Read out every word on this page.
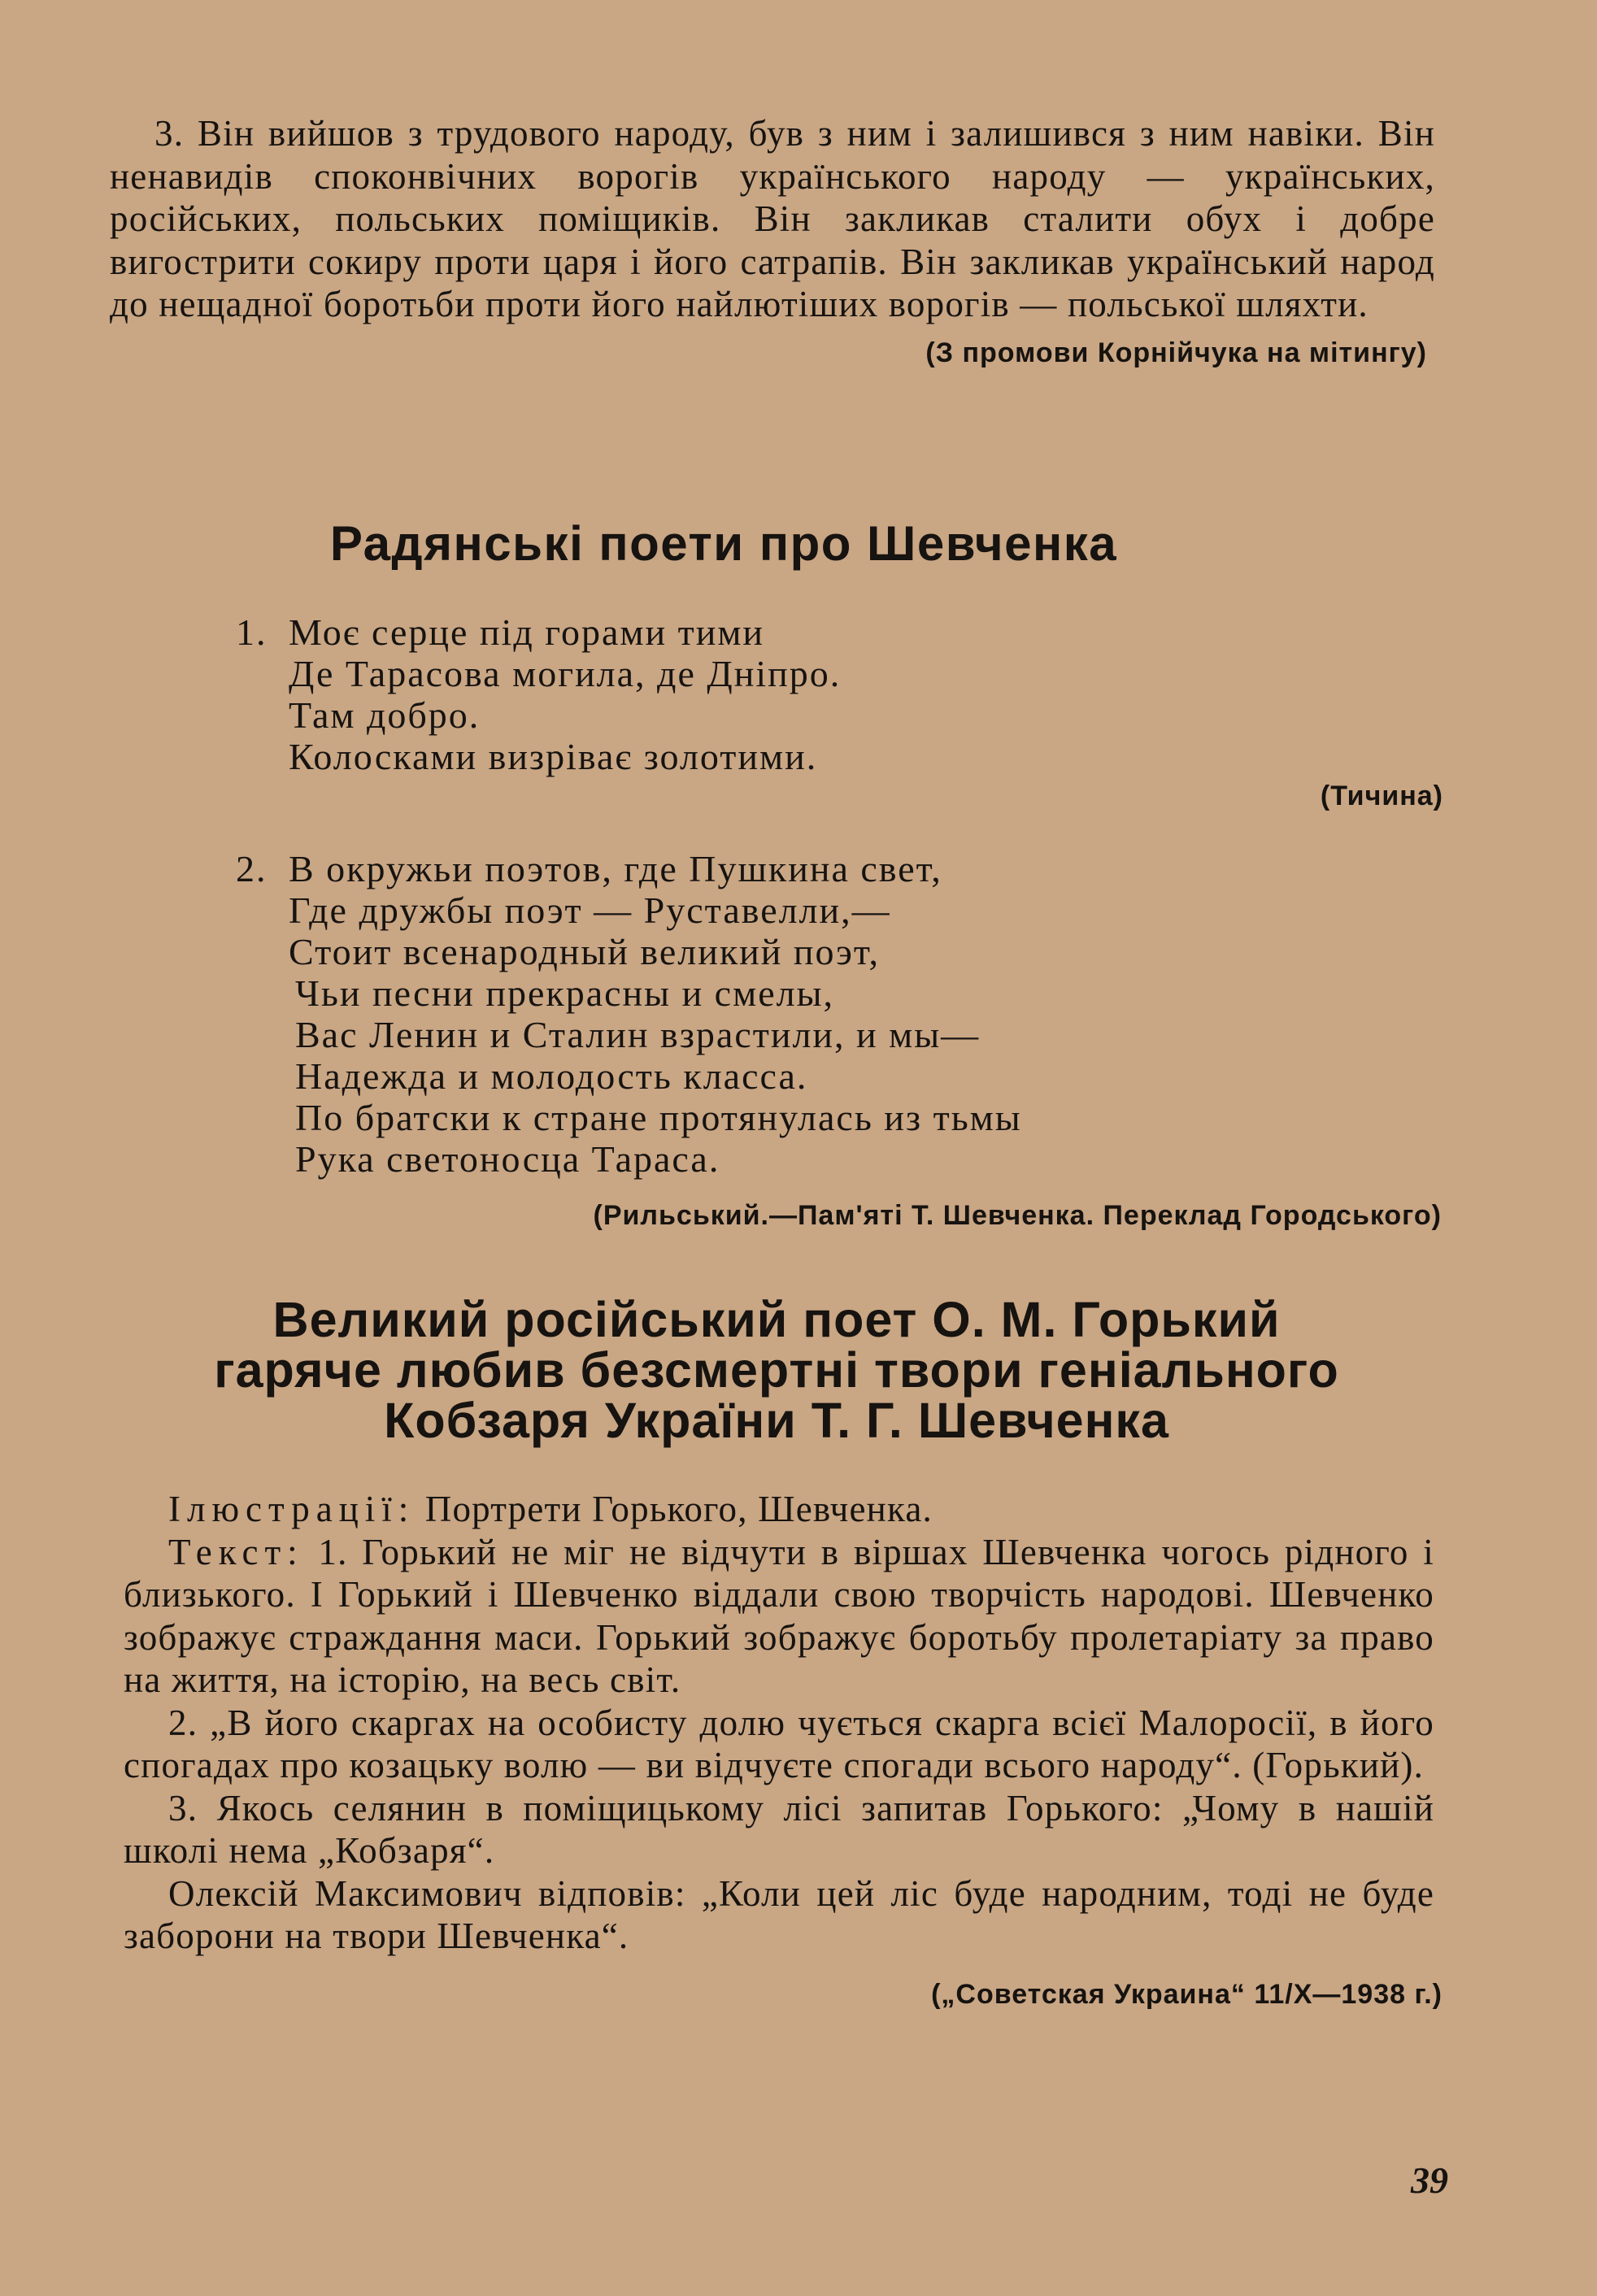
3. Він вийшов з трудового народу, був з ним і залишився з ним навіки. Він ненавидів споконвічних ворогів українського народу — українських, російських, польських поміщиків. Він закликав сталити обух і добре вигострити сокиру проти царя і його сатрапів. Він закликав український народ до нещадної боротьби проти його найлютіших ворогів — польської шляхти.

(З промови Корнійчука на мітингу)

Радянські поети про Шевченка
1. Моє серце під горами тими

Де Тарасова могила, де Дніпро.

Там добро.

Колосками визріває золотими.

(Тичина)

2. В окружьи поэтов, где Пушкина свет,

Где дружбы поэт — Руставелли,—

Стоит всенародный великий поэт,

Чьи песни прекрасны и смелы,

Вас Ленин и Сталин взрастили, и мы—

Надежда и молодость класса.

По братски к стране протянулась из тьмы

Рука светоносца Тараса.

(Рильський.—Пам'яті Т. Шевченка. Переклад Городського)

Великий російський поет О. М. Горький
гаряче любив безсмертні твори геніального
Кобзаря України Т. Г. Шевченка

Ілюстрації: Портрети Горького, Шевченка.

Текст: 1. Горький не міг не відчути в віршах Шевченка чогось рідного і близького. І Горький і Шевченко віддали свою творчість народові. Шевченко зображує страждання маси. Горький зображує боротьбу пролетаріату за право на життя, на історію, на весь світ.

2. „В його скаргах на особисту долю чується скарга всієї Малоросії, в його спогадах про козацьку волю — ви відчуєте спогади всього народу“. (Горький).

3. Якось селянин в поміщицькому лісі запитав Горького: „Чому в нашій школі нема „Кобзаря“.

Олексій Максимович відповів: „Коли цей ліс буде народним, тоді не буде заборони на твори Шевченка“.

(„Советская Украина“ 11/Х—1938 г.)

39
